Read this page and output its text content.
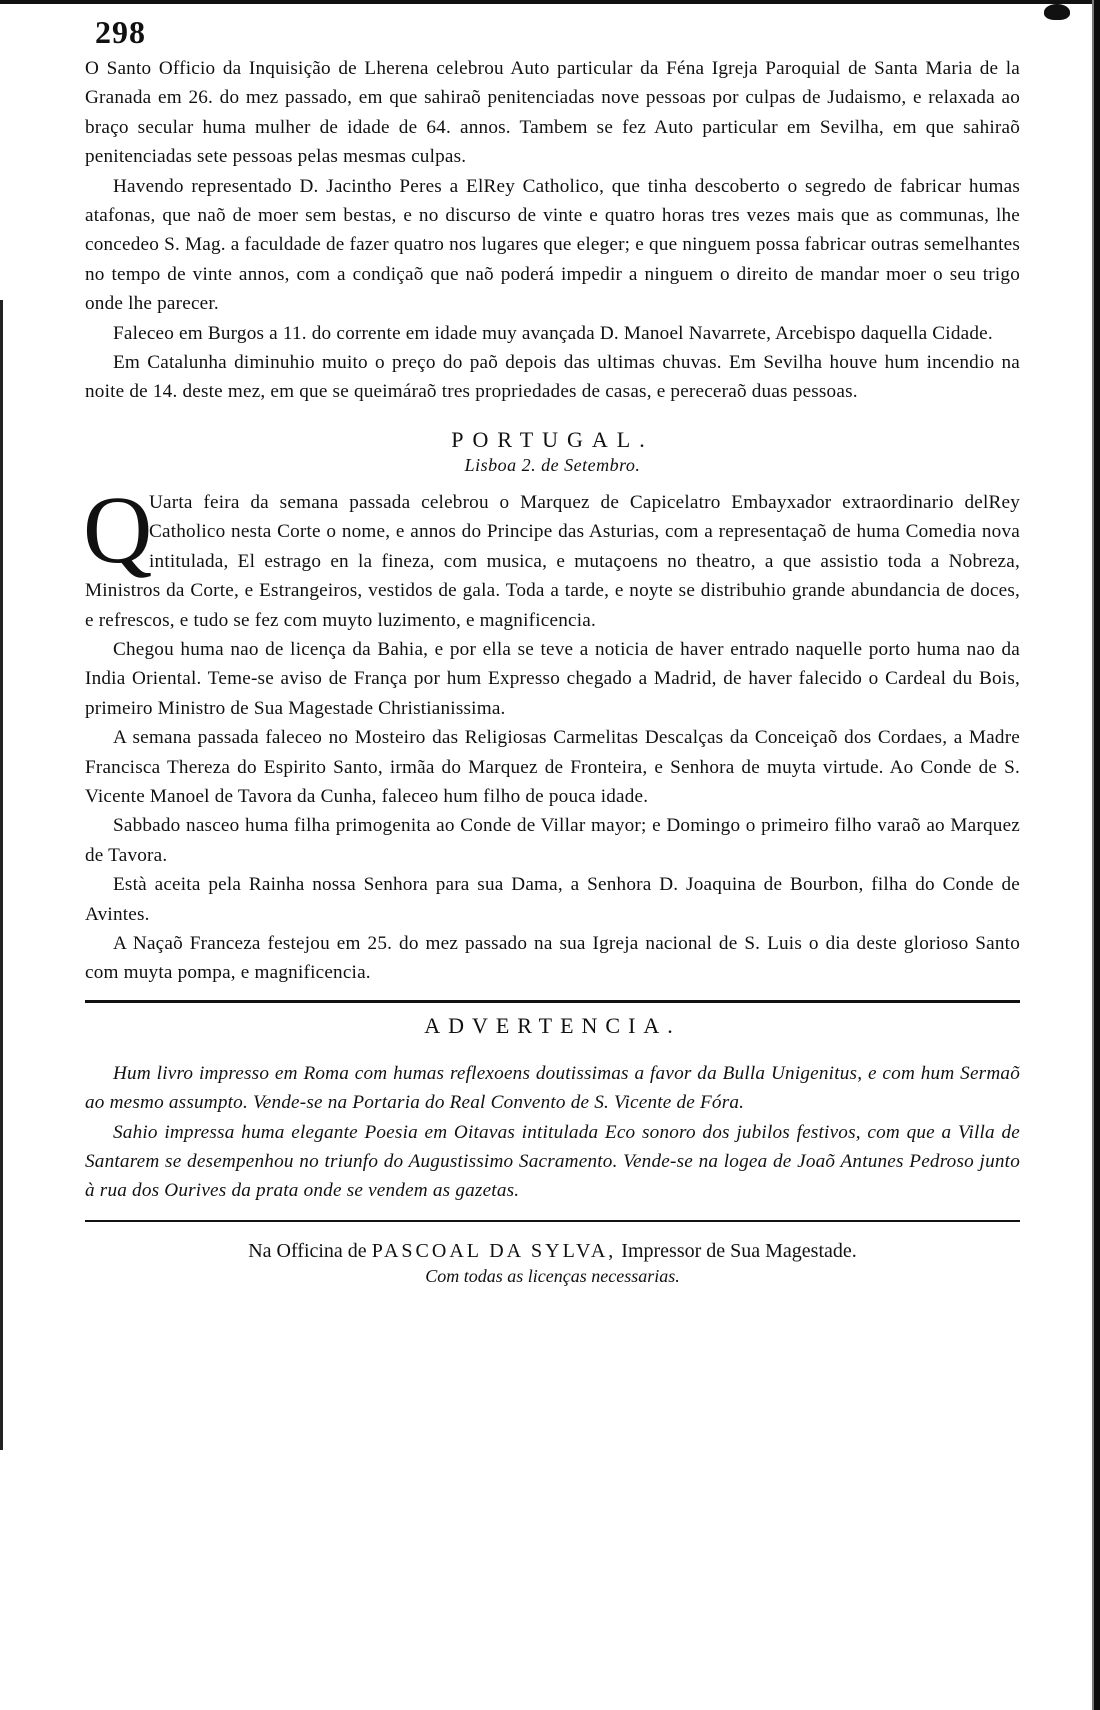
298

O Santo Officio da Inquisição de Lherena celebrou Auto particular da Féna Igreja Paroquial de Santa Maria de la Granada em 26. do mez passado, em que sahiraõ penitenciadas nove pessoas por culpas de Judaismo, e relaxada ao braço secular huma mulher de idade de 64. annos. Tambem se fez Auto particular em Sevilha, em que sahiraõ penitenciadas sete pessoas pelas mesmas culpas.

Havendo representado D. Jacintho Peres a ElRey Catholico, que tinha descoberto o segredo de fabricar humas atafonas, que naõ de moer sem bestas, e no discurso de vinte e quatro horas tres vezes mais que as communas, lhe concedeo S. Mag. a faculdade de fazer quatro nos lugares que eleger; e que ninguem possa fabricar outras semelhantes no tempo de vinte annos, com a condiçaõ que naõ poderá impedir a ninguem o direito de mandar moer o seu trigo onde lhe parecer.

Faleceo em Burgos a 11. do corrente em idade muy avançada D. Manoel Navarrete, Arcebispo daquella Cidade.

Em Catalunha diminuhio muito o preço do paõ depois das ultimas chuvas. Em Sevilha houve hum incendio na noite de 14. deste mez, em que se queimáraõ tres propriedades de casas, e pereceraõ duas pessoas.

PORTUGAL.
Lisboa 2. de Setembro.
Q

Uarta feira da semana passada celebrou o Marquez de Capicelatro Embayxador extraordinario delRey Catholico nesta Corte o nome, e annos do Principe das Asturias, com a representaçaõ de huma Comedia nova intitulada, El estrago en la fineza, com musica, e mutaçoens no theatro, a que assistio toda a Nobreza, Ministros da Corte, e Estrangeiros, vestidos de gala. Toda a tarde, e noyte se distribuhio grande abundancia de doces, e refrescos, e tudo se fez com muyto luzimento, e magnificencia.

Chegou huma nao de licença da Bahia, e por ella se teve a noticia de haver entrado naquelle porto huma nao da India Oriental. Teme-se aviso de França por hum Expresso chegado a Madrid, de haver falecido o Cardeal du Bois, primeiro Ministro de Sua Magestade Christianissima.

A semana passada faleceo no Mosteiro das Religiosas Carmelitas Descalças da Conceiçaõ dos Cordaes, a Madre Francisca Thereza do Espirito Santo, irmãa do Marquez de Fronteira, e Senhora de muyta virtude. Ao Conde de S. Vicente Manoel de Tavora da Cunha, faleceo hum filho de pouca idade.

Sabbado nasceo huma filha primogenita ao Conde de Villar mayor; e Domingo o primeiro filho varaõ ao Marquez de Tavora.

Està aceita pela Rainha nossa Senhora para sua Dama, a Senhora D. Joaquina de Bourbon, filha do Conde de Avintes.

A Naçaõ Franceza festejou em 25. do mez passado na sua Igreja nacional de S. Luis o dia deste glorioso Santo com muyta pompa, e magnificencia.

ADVERTENCIA.

Hum livro impresso em Roma com humas reflexoens doutissimas a favor da Bulla Unigenitus, e com hum Sermaõ ao mesmo assumpto. Vende-se na Portaria do Real Convento de S. Vicente de Fóra.

Sahio impressa huma elegante Poesia em Oitavas intitulada Eco sonoro dos jubilos festivos, com que a Villa de Santarem se desempenhou no triunfo do Augustissimo Sacramento. Vende-se na logea de Joaõ Antunes Pedroso junto à rua dos Ourives da prata onde se vendem as gazetas.

Na Officina de PASCOAL DA SYLVA, Impressor de Sua Magestade.

Com todas as licenças necessarias.
